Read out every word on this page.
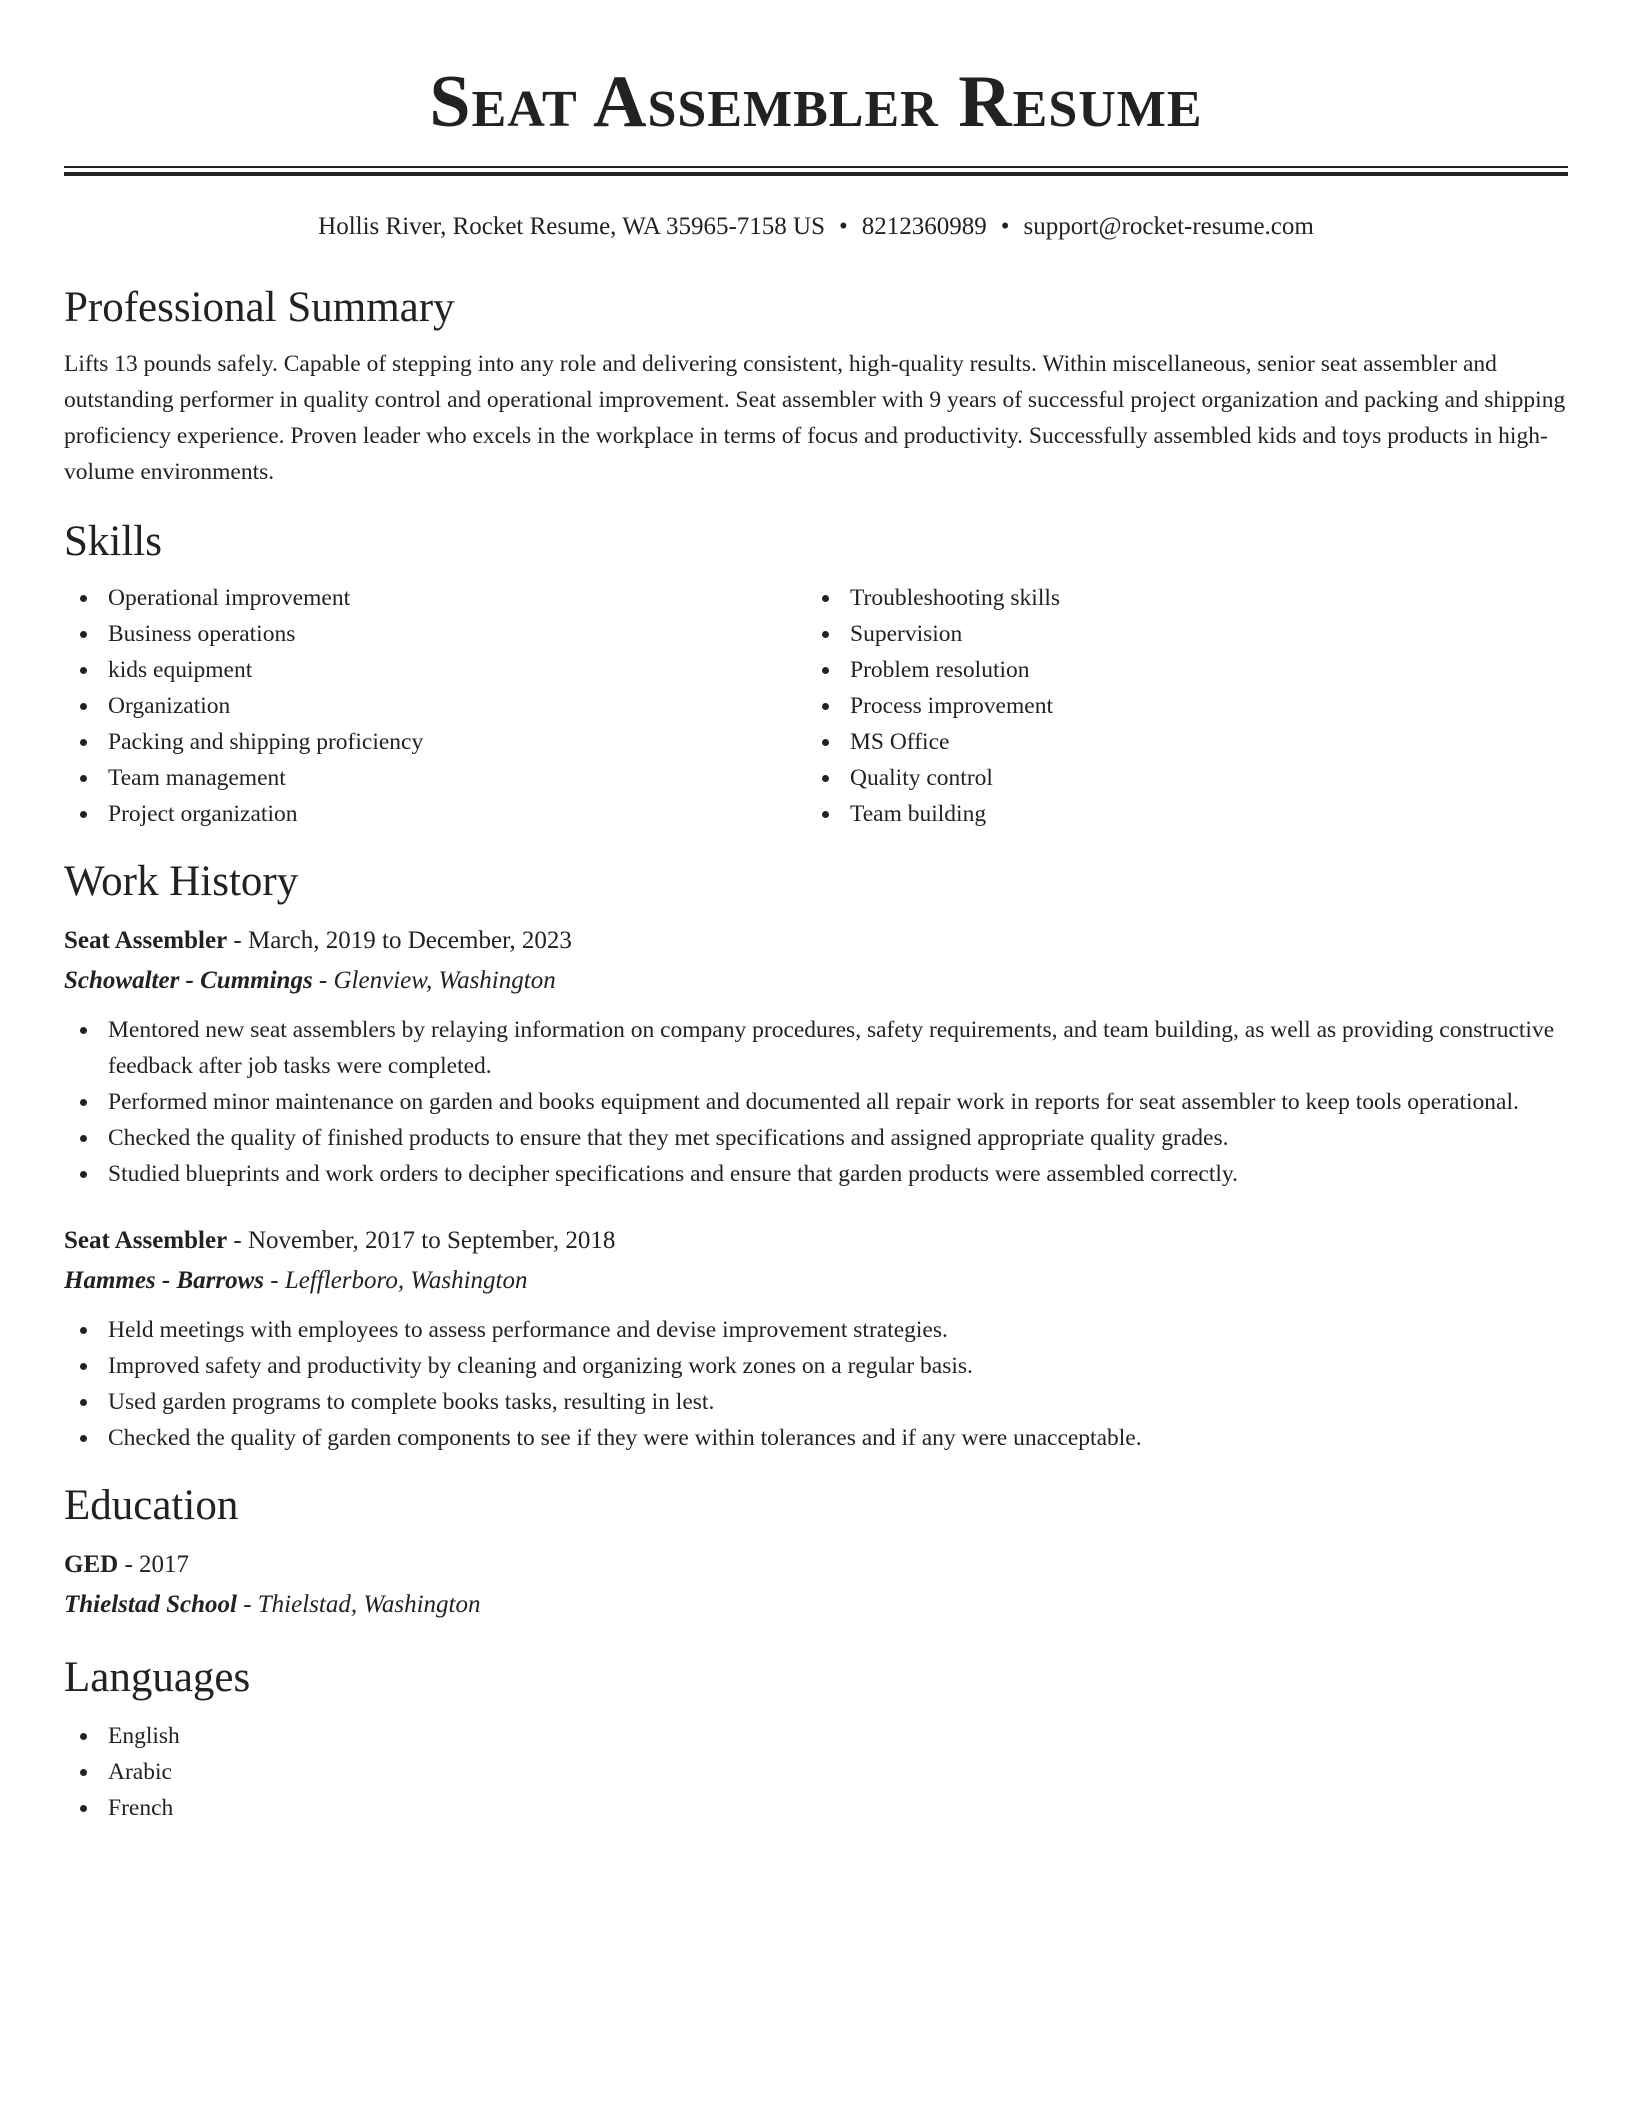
Seat Assembler Resume
Hollis River, Rocket Resume, WA 35965-7158 US • 8212360989 • support@rocket-resume.com
Professional Summary

Lifts 13 pounds safely. Capable of stepping into any role and delivering consistent, high-quality results. Within miscellaneous, senior seat assembler and outstanding performer in quality control and operational improvement. Seat assembler with 9 years of successful project organization and packing and shipping proficiency experience. Proven leader who excels in the workplace in terms of focus and productivity. Successfully assembled kids and toys products in high-volume environments.

Skills
Operational improvement
Business operations
kids equipment
Organization
Packing and shipping proficiency
Team management
Project organization
Troubleshooting skills
Supervision
Problem resolution
Process improvement
MS Office
Quality control
Team building
Work History

Seat Assembler - March, 2019 to December, 2023

Schowalter - Cummings - Glenview, Washington

Mentored new seat assemblers by relaying information on company procedures, safety requirements, and team building, as well as providing constructive feedback after job tasks were completed.
Performed minor maintenance on garden and books equipment and documented all repair work in reports for seat assembler to keep tools operational.
Checked the quality of finished products to ensure that they met specifications and assigned appropriate quality grades.
Studied blueprints and work orders to decipher specifications and ensure that garden products were assembled correctly.

Seat Assembler - November, 2017 to September, 2018

Hammes - Barrows - Lefflerboro, Washington

Held meetings with employees to assess performance and devise improvement strategies.
Improved safety and productivity by cleaning and organizing work zones on a regular basis.
Used garden programs to complete books tasks, resulting in lest.
Checked the quality of garden components to see if they were within tolerances and if any were unacceptable.
Education

GED - 2017

Thielstad School - Thielstad, Washington

Languages
English
Arabic
French
